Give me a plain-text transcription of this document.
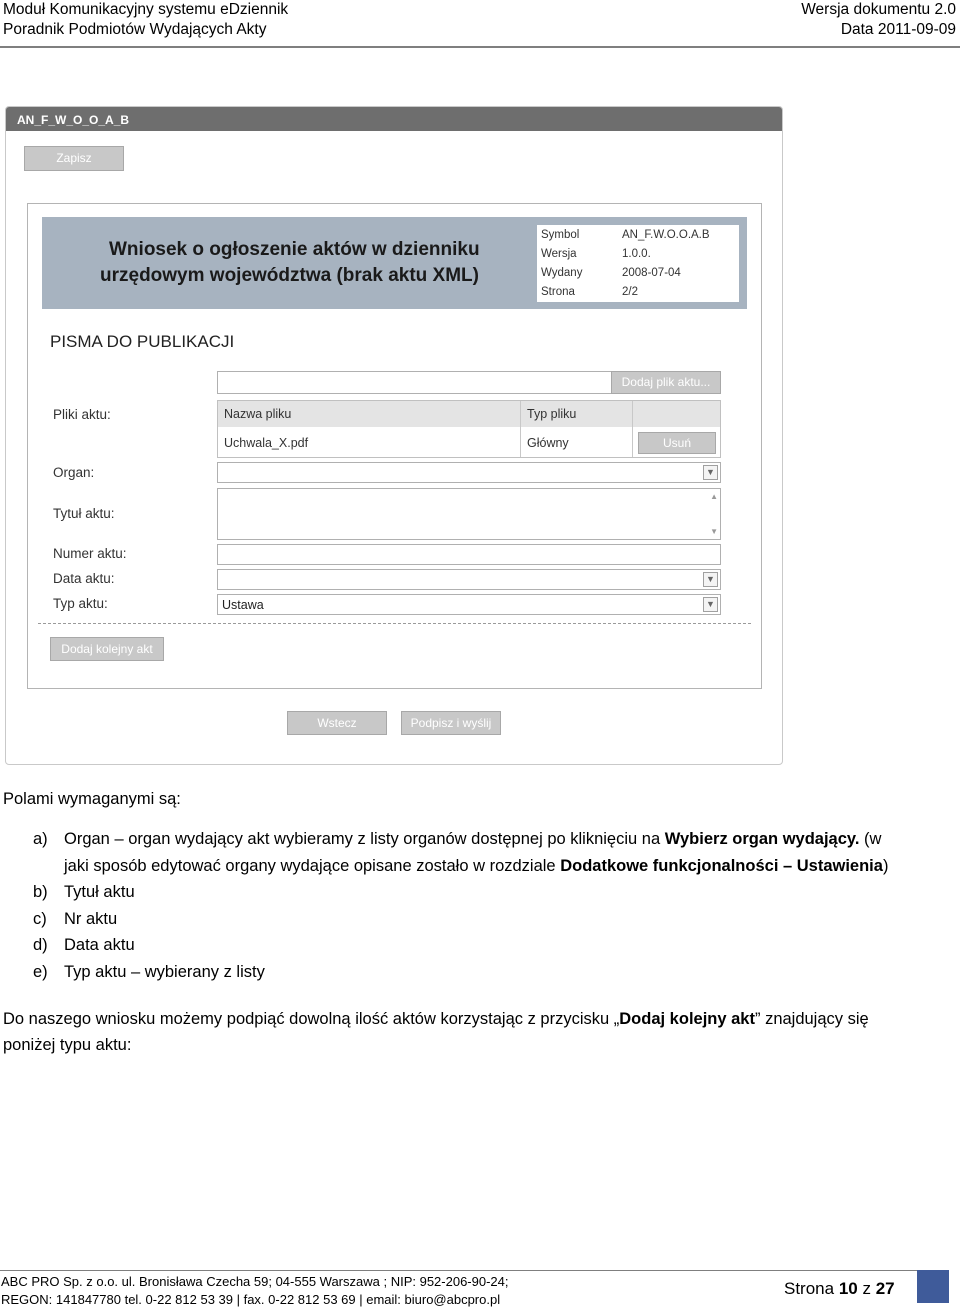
Moduł Komunikacyjny systemu eDziennik
Poradnik Podmiotów Wydających Akty
Wersja dokumentu 2.0
Data 2011-09-09
AN_F_W_O_O_A_B
Zapisz
Wniosek o ogłoszenie aktów w dzienniku
urzędowym województwa (brak aktu XML)
Symbol	AN_F.W.O.O.A.B
Wersja	1.0.0.
Wydany	2008-07-04
Strona	2/2
PISMA DO PUBLIKACJI
Dodaj plik aktu...
Pliki aktu:	Nazwa pliku	Typ pliku
Uchwala_X.pdf	Główny	Usuń
Organ:	▼
Tytuł aktu:
▲
▼
Numer aktu:
Data aktu:	▼
Typ aktu:	Ustawa	▼
Dodaj kolejny akt
Wstecz	Podpisz i wyślij
Polami wymaganymi są:
a) Organ – organ wydający akt wybieramy z listy organów dostępnej po kliknięciu na Wybierz organ wydający. (w
jaki sposób edytować organy wydające opisane zostało w rozdziale Dodatkowe funkcjonalności – Ustawienia)
b) Tytuł aktu
c) Nr aktu
d) Data aktu
e) Typ aktu – wybierany z listy
Do naszego wniosku możemy podpiąć dowolną ilość aktów korzystając z przycisku „Dodaj kolejny akt” znajdujący się
poniżej typu aktu:
ABC PRO Sp. z o.o. ul. Bronisława Czecha 59; 04-555 Warszawa ; NIP: 952-206-90-24;
REGON: 141847780 tel. 0-22 812 53 39 | fax. 0-22 812 53 69 | email: biuro@abcpro.pl
Strona 10 z 27
